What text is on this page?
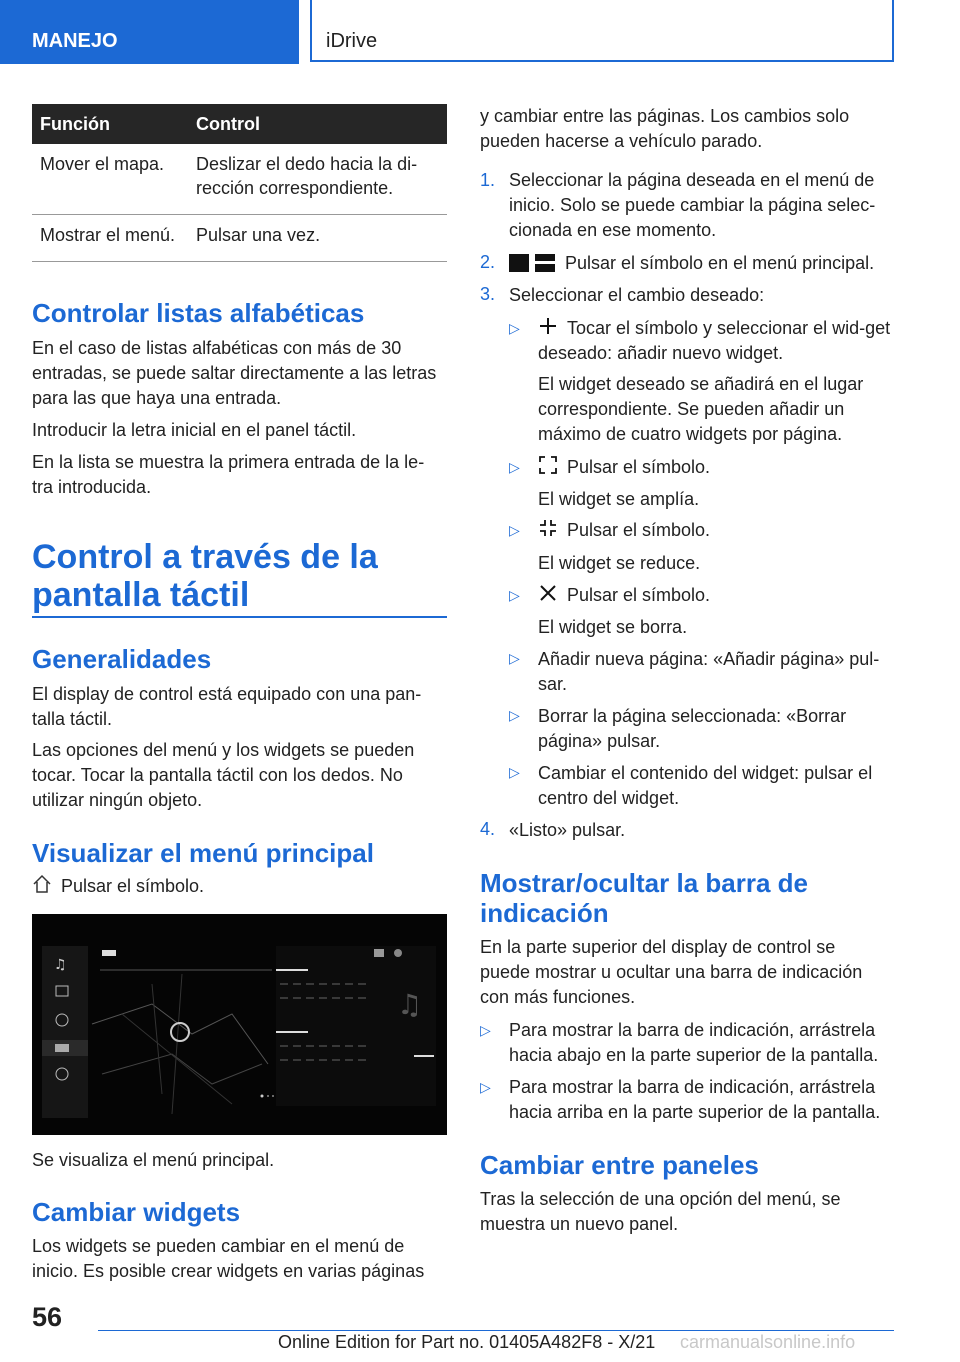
MANEJO	iDrive
Función	Control
Mover el mapa.	Deslizar el dedo hacia la di-rección correspondiente.
Mostrar el menú.	Pulsar una vez.
Controlar listas alfabéticas

En el caso de listas alfabéticas con más de 30 entradas, se puede saltar directamente a las letras para las que haya una entrada.

Introducir la letra inicial en el panel táctil.

En la lista se muestra la primera entrada de la le-tra introducida.

Control a través de la pantalla táctil
Generalidades

El display de control está equipado con una pan-talla táctil.

Las opciones del menú y los widgets se pueden tocar. Tocar la pantalla táctil con los dedos. No utilizar ningún objeto.

Visualizar el menú principal

Pulsar el símbolo.

♫
♫

Se visualiza el menú principal.

Cambiar widgets

Los widgets se pueden cambiar en el menú de inicio. Es posible crear widgets en varias páginas

y cambiar entre las páginas. Los cambios solo pueden hacerse a vehículo parado.

1. Seleccionar la página deseada en el menú de inicio. Solo se puede cambiar la página selec-cionada en ese momento.

2.	Pulsar el símbolo en el menú principal.

3. Seleccionar el cambio deseado:

▷	Tocar el símbolo y seleccionar el wid-get deseado: añadir nuevo widget.

El widget deseado se añadirá en el lugar correspondiente. Se pueden añadir un máximo de cuatro widgets por página.

▷	Pulsar el símbolo.

El widget se amplía.

▷	Pulsar el símbolo.

El widget se reduce.

▷	Pulsar el símbolo.

El widget se borra.

▷ Añadir nueva página: «Añadir página» pul-sar.

▷ Borrar la página seleccionada: «Borrar página» pulsar.

▷ Cambiar el contenido del widget: pulsar el centro del widget.

4. «Listo» pulsar.

Mostrar/ocultar la barra de indicación

En la parte superior del display de control se puede mostrar u ocultar una barra de indicación con más funciones.

▷ Para mostrar la barra de indicación, arrástrela hacia abajo en la parte superior de la pantalla.

▷ Para mostrar la barra de indicación, arrástrela hacia arriba en la parte superior de la pantalla.

Cambiar entre paneles

Tras la selección de una opción del menú, se muestra un nuevo panel.

56
Online Edition for Part no. 01405A482F8 - X/21 carmanualsonline.info
